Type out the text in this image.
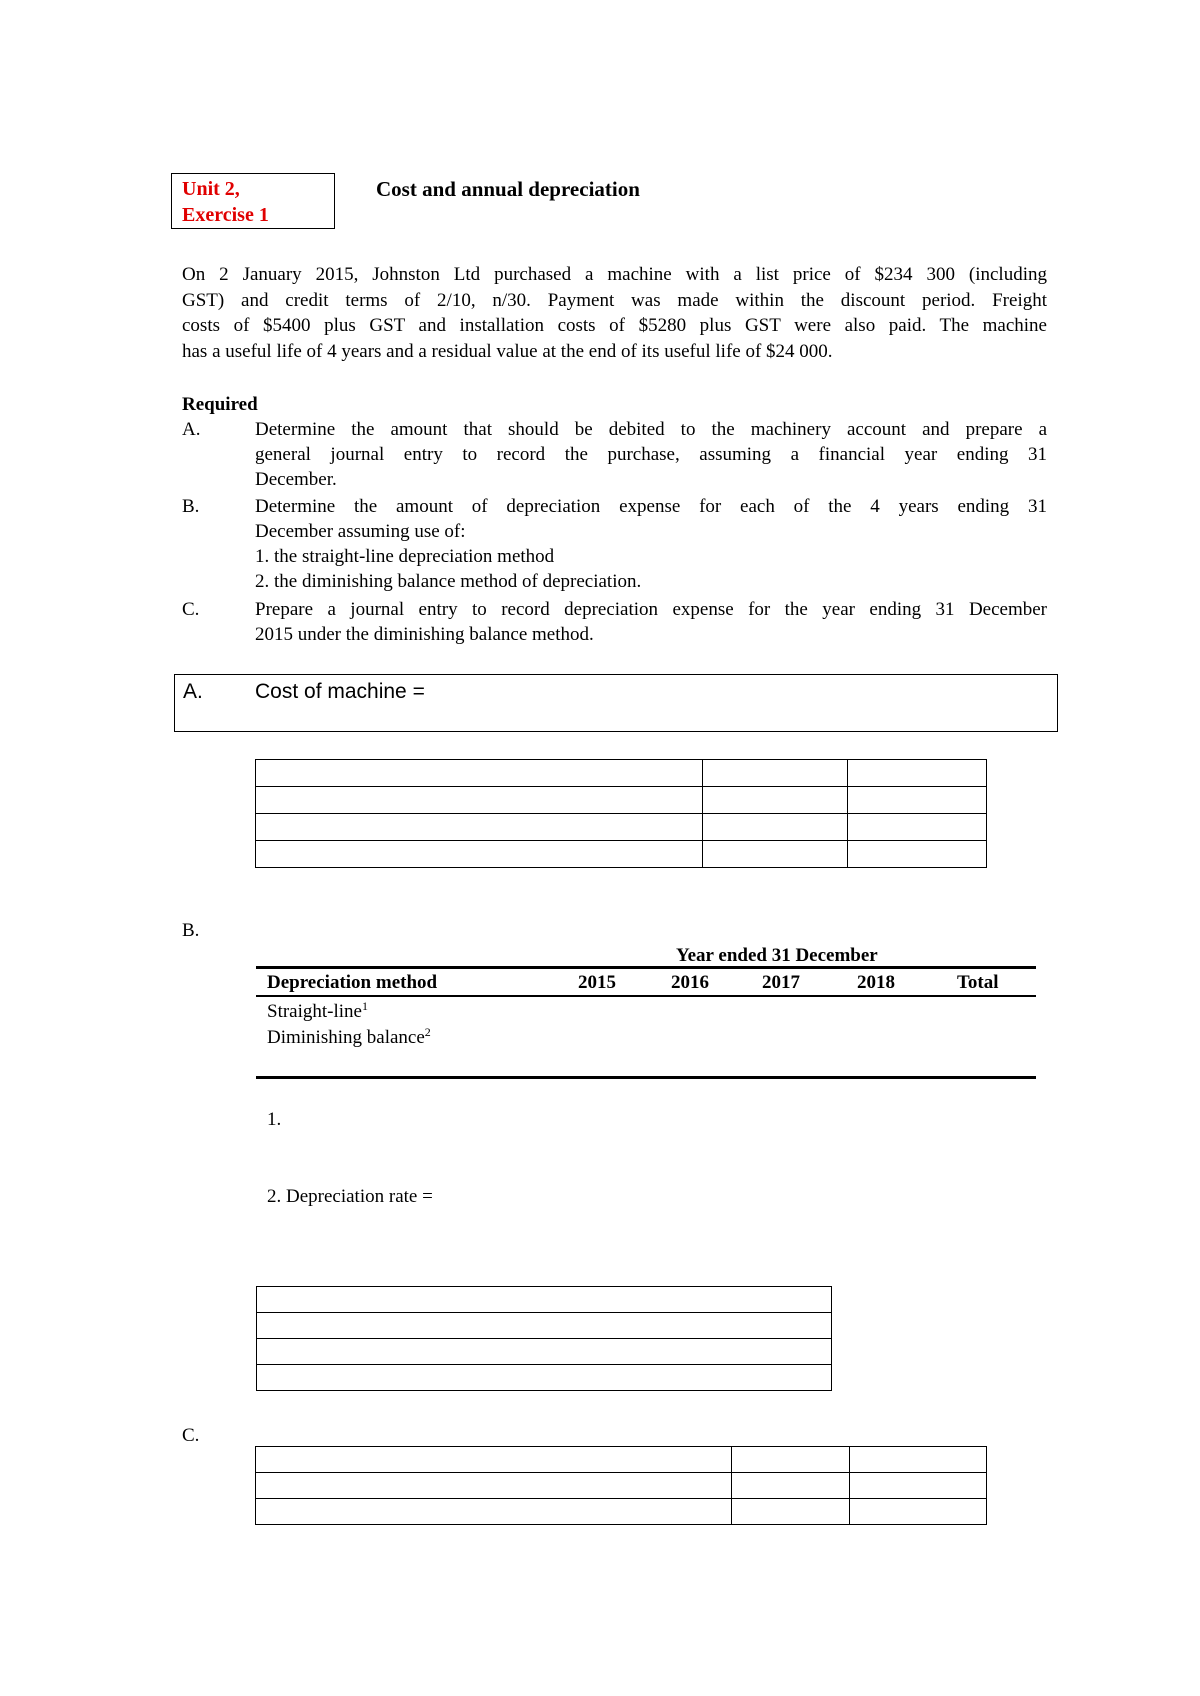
Unit 2,
Exercise 1
Cost and annual depreciation
On 2 January 2015, Johnston Ltd purchased a machine with a list price of $234 300 (including
GST) and credit terms of 2/10, n/30. Payment was made within the discount period. Freight
costs of $5400 plus GST and installation costs of $5280 plus GST were also paid. The machine
has a useful life of 4 years and a residual value at the end of its useful life of $24 000.
Required
A.	Determine the amount that should be debited to the machinery account and prepare a
general journal entry to record the purchase, assuming a financial year ending 31
December.
B.	Determine the amount of depreciation expense for each of the 4 years ending 31
December assuming use of:
1. the straight-line depreciation method
2. the diminishing balance method of depreciation.
C.	Prepare a journal entry to record depreciation expense for the year ending 31 December
2015 under the diminishing balance method.
A. Cost of machine =

B.
Year ended 31 December
Depreciation method	2015	2016	2017	2018	Total
Straight-line$^1$
Diminishing balance$^2$
1.
2. Depreciation rate =

C.
